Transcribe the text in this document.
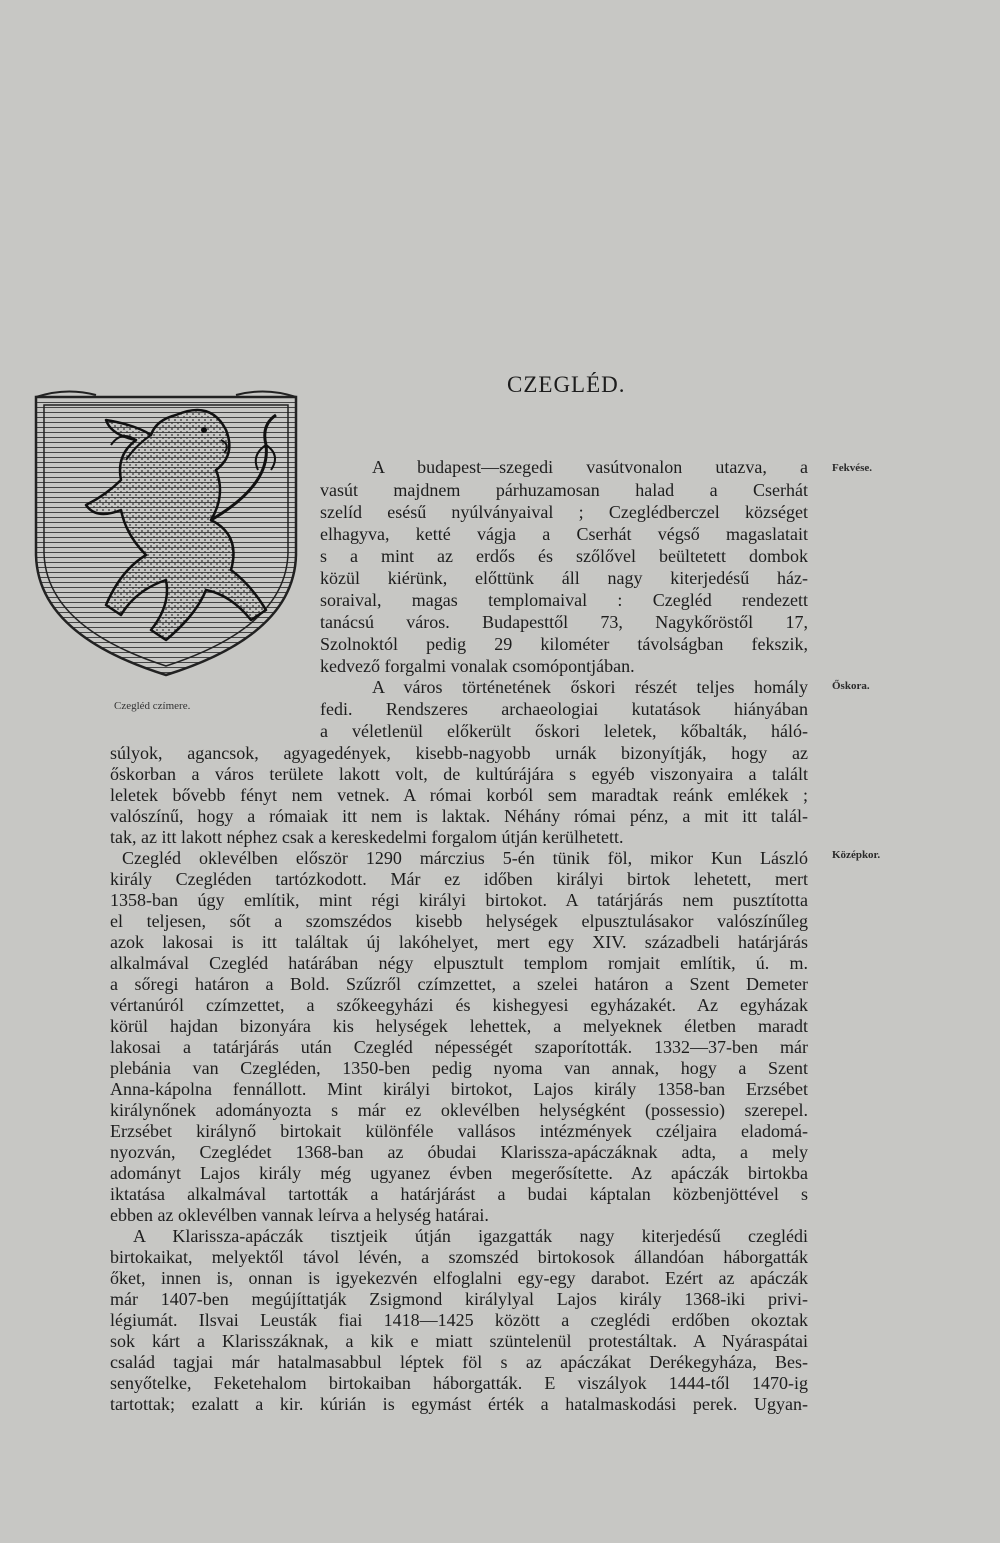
CZEGLÉD.
Czegléd czímere.
Fekvése.
Őskora.
Középkor.
A budapest—szegedi vasútvonalon utazva, a
vasút majdnem párhuzamosan halad a Cserhát
szelíd esésű nyúlványaival ; Czeglédberczel községet
elhagyva, ketté vágja a Cserhát végső magaslatait
s a mint az erdős és szőlővel beültetett dombok
közül kiérünk, előttünk áll nagy kiterjedésű ház-
soraival, magas templomaival : Czegléd rendezett
tanácsú város. Budapesttől 73, Nagykőröstől 17,
Szolnoktól pedig 29 kilométer távolságban fekszik,
kedvező forgalmi vonalak csomópontjában.
A város történetének őskori részét teljes homály
fedi. Rendszeres archaeologiai kutatások hiányában
a véletlenül előkerült őskori leletek, kőbalták, háló-
súlyok, agancsok, agyagedények, kisebb-nagyobb urnák bizonyítják, hogy az
őskorban a város területe lakott volt, de kultúrájára s egyéb viszonyaira a talált
leletek bővebb fényt nem vetnek. A római korból sem maradtak reánk emlékek ;
valószínű, hogy a rómaiak itt nem is laktak. Néhány római pénz, a mit itt talál-
tak, az itt lakott néphez csak a kereskedelmi forgalom útján kerülhetett.
Czegléd oklevélben először 1290 márczius 5-én tünik föl, mikor Kun László
király Czegléden tartózkodott. Már ez időben királyi birtok lehetett, mert
1358-ban úgy említik, mint régi királyi birtokot. A tatárjárás nem pusztította
el teljesen, sőt a szomszédos kisebb helységek elpusztulásakor valószínűleg
azok lakosai is itt találtak új lakóhelyet, mert egy XIV. századbeli határjárás
alkalmával Czegléd határában négy elpusztult templom romjait említik, ú. m.
a sőregi határon a Bold. Szűzről czímzettet, a szelei határon a Szent Demeter
vértanúról czímzettet, a szőkeegyházi és kishegyesi egyházakét. Az egyházak
körül hajdan bizonyára kis helységek lehettek, a melyeknek életben maradt
lakosai a tatárjárás után Czegléd népességét szaporították. 1332—37-ben már
plebánia van Czegléden, 1350-ben pedig nyoma van annak, hogy a Szent
Anna-kápolna fennállott. Mint királyi birtokot, Lajos király 1358-ban Erzsébet
királynőnek adományozta s már ez oklevélben helységként (possessio) szerepel.
Erzsébet királynő birtokait különféle vallásos intézmények czéljaira eladomá-
nyozván, Czeglédet 1368-ban az óbudai Klarissza-apáczáknak adta, a mely
adományt Lajos király még ugyanez évben megerősítette. Az apáczák birtokba
iktatása alkalmával tartották a határjárást a budai káptalan közbenjöttével s
ebben az oklevélben vannak leírva a helység határai.
A Klarissza-apáczák tisztjeik útján igazgatták nagy kiterjedésű czeglédi
birtokaikat, melyektől távol lévén, a szomszéd birtokosok állandóan háborgatták
őket, innen is, onnan is igyekezvén elfoglalni egy-egy darabot. Ezért az apáczák
már 1407-ben megújíttatják Zsigmond királylyal Lajos király 1368-iki privi-
légiumát. Ilsvai Leusták fiai 1418—1425 között a czeglédi erdőben okoztak
sok kárt a Klarisszáknak, a kik e miatt szüntelenül protestáltak. A Nyáraspátai
család tagjai már hatalmasabbul léptek föl s az apáczákat Derékegyháza, Bes-
senyőtelke, Feketehalom birtokaiban háborgatták. E viszályok 1444-től 1470-ig
tartottak; ezalatt a kir. kúrián is egymást érték a hatalmaskodási perek. Ugyan-
